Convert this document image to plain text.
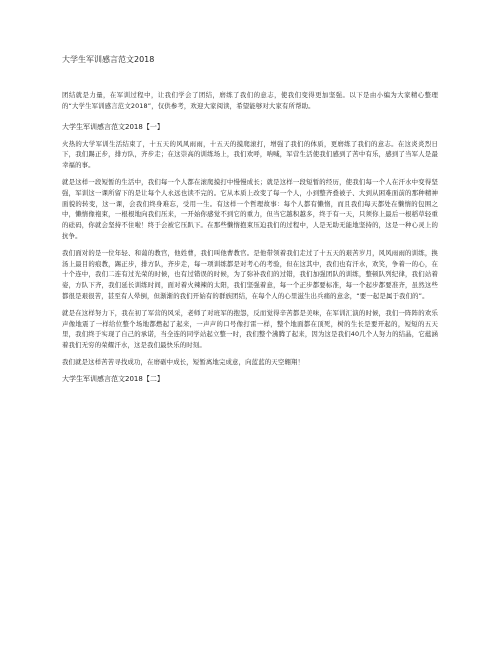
大学生军训感言范文2018

团结就是力量，在军训过程中，让我们学会了团结，磨练了我们的意志，使我们变得更加坚强。以下是由小编为大家精心整理的“大学生军训感言范文2018”，仅供参考，欢迎大家阅读，希望能够对大家有所帮助。

大学生军训感言范文2018【一】

火热的大学军训生活结束了，十五天的风风雨雨，十五天的摸爬滚打，增强了我们的体质，更磨练了我们的意志。在这炎炎烈日下，我们踢正步，排方队，齐步走；在这崇高的训练场上，我们欢呼，呐喊，军营生活使我们感到了苦中有乐，感到了当军人是最幸福的事。

就是这样一段短暂的生活中，我们每一个人都在滚爬摸打中慢慢成长；就是这样一段短暂的经历，使我们每一个人在汗水中变得坚强，军训这一课所留下的是让每个人永远也读不完的。它从本质上改变了每一个人，小到整齐叠被子、大到从困难面前的那种精神面貌的转变，这一课，会我们终身难忘，受用一生。有这样一个哲理故事：每个人都有懒惰，而且我们每天都处在懒惰的包围之中，懒惰像袍束，一根根地向我们压来，一开始你感觉不到它的重力，但当它越积越多，终于有一天，只须你上最后一根稻草轻重的砝码，你就会坚持不住啦！终于会被它压趴下。在那些懒惰抱束压迫我们的过程中，人是无助无能地坚持的，这是一种心灵上的抗争。

我们面对的是一位年轻、和蔼的教官，他姓曹，我们叫他曹教官。是他带领着我们走过了十五天的艰苦岁月，风风雨雨的训练，换汤上最目的痕教，踢正步，排方队，齐步走，每一项训练都是对考心的考验，但在这其中，我们也有汗水，欢笑，争着一的心，在十个连中，我们二连有过光荣的时候，也有过错误的时候，为了弥补我们的过错，我们加强团队的训练，整顿队列纪律，我们站着姿，方队下齐，我们延长训练时间，面对着火辣辣的太阳，我们坚强着意，每一个正步都要标准，每一个起步都要准齐，虽然这些都很是艰很苦，甚至有人晕倒，但渐渐的我们开始有的群族团结，在每个人的心里滋生出兵痛的意念，“要一起是属于我们的”。

就是在这样努力下，我在初了军营的风采，老师了对班军的抱怨，反而觉得辛苦都是美味，在军训汇演的时候，我们一阵阵的欢乐声像地震了一样给位整个场地都燃起了起来，一声声的口号像打雷一样，整个地面都在顶死，树的生长是要开起的，短短的五天里，我们终于实现了自己的承诺，当全连的同学站起立整一时，我们整个沸腾了起来，因为这是我们40几个人努力的结晶，它蕴涵着我们无穷的荣耀汗水，这是我们最快乐的时刻。

我们就是这样苦苦寻找成功，在磨砺中成长，短暂离地完成意，向蓝蓝的天空翱翔！

大学生军训感言范文2018【二】
